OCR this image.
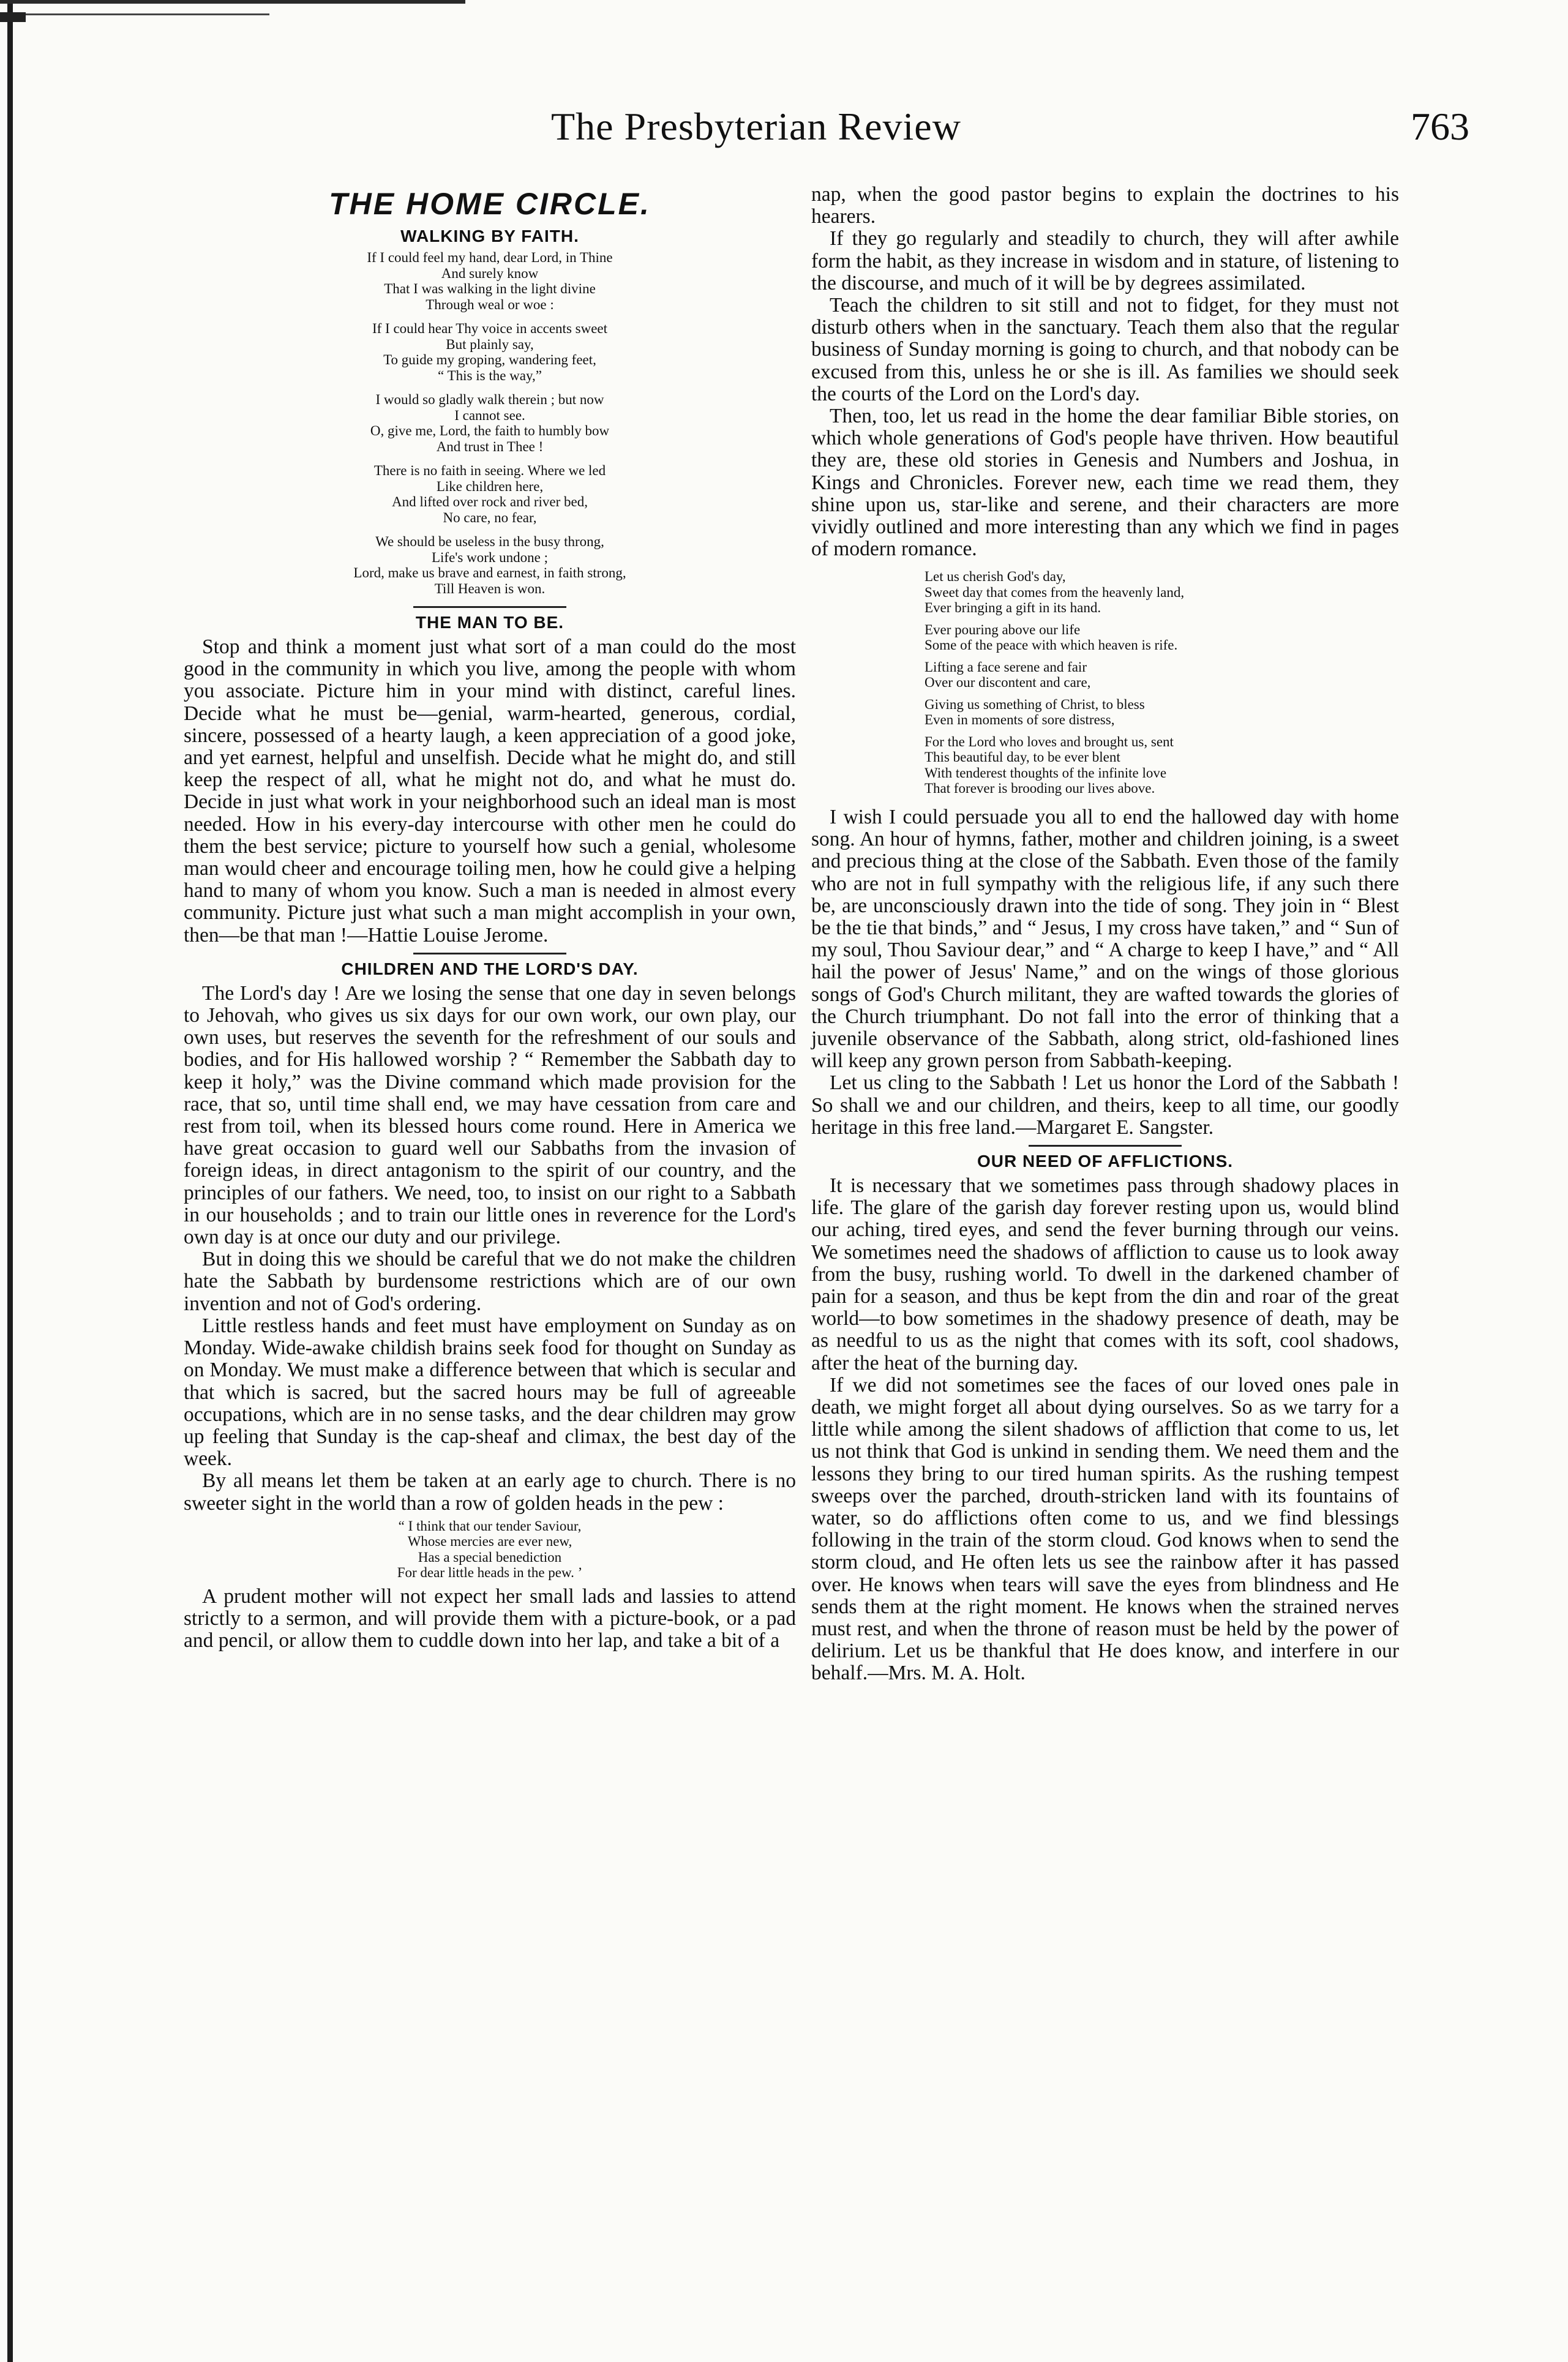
The Presbyterian Review	763
THE HOME CIRCLE.
WALKING BY FAITH.
If I could feel my hand, dear Lord, in Thine
And surely know
That I was walking in the light divine
Through weal or woe :
If I could hear Thy voice in accents sweet
But plainly say,
To guide my groping, wandering feet,
“ This is the way,”
I would so gladly walk therein ; but now
I cannot see.
O, give me, Lord, the faith to humbly bow
And trust in Thee !
There is no faith in seeing. Where we led
Like children here,
And lifted over rock and river bed,
No care, no fear,
We should be useless in the busy throng,
Life's work undone ;
Lord, make us brave and earnest, in faith strong,
Till Heaven is won.
THE MAN TO BE.

Stop and think a moment just what sort of a man could do the most good in the community in which you live, among the people with whom you associate. Picture him in your mind with distinct, careful lines. Decide what he must be—genial, warm-hearted, generous, cordial, sincere, possessed of a hearty laugh, a keen appreciation of a good joke, and yet earnest, helpful and unselfish. Decide what he might do, and still keep the respect of all, what he might not do, and what he must do. Decide in just what work in your neighborhood such an ideal man is most needed. How in his every-day intercourse with other men he could do them the best service; picture to yourself how such a genial, wholesome man would cheer and encourage toiling men, how he could give a helping hand to many of whom you know. Such a man is needed in almost every community. Picture just what such a man might accomplish in your own, then—be that man !—Hattie Louise Jerome.

CHILDREN AND THE LORD'S DAY.

The Lord's day ! Are we losing the sense that one day in seven belongs to Jehovah, who gives us six days for our own work, our own play, our own uses, but reserves the seventh for the refreshment of our souls and bodies, and for His hallowed worship ? “ Remember the Sabbath day to keep it holy,” was the Divine command which made provision for the race, that so, until time shall end, we may have cessation from care and rest from toil, when its blessed hours come round. Here in America we have great occasion to guard well our Sabbaths from the invasion of foreign ideas, in direct antagonism to the spirit of our country, and the principles of our fathers. We need, too, to insist on our right to a Sabbath in our households ; and to train our little ones in reverence for the Lord's own day is at once our duty and our privilege.

But in doing this we should be careful that we do not make the children hate the Sabbath by burdensome restrictions which are of our own invention and not of God's ordering.

Little restless hands and feet must have employment on Sunday as on Monday. Wide-awake childish brains seek food for thought on Sunday as on Monday. We must make a difference between that which is secular and that which is sacred, but the sacred hours may be full of agreeable occupations, which are in no sense tasks, and the dear children may grow up feeling that Sunday is the cap-sheaf and climax, the best day of the week.

By all means let them be taken at an early age to church. There is no sweeter sight in the world than a row of golden heads in the pew :

“ I think that our tender Saviour,
Whose mercies are ever new,
Has a special benediction
For dear little heads in the pew. ’

A prudent mother will not expect her small lads and lassies to attend strictly to a sermon, and will provide them with a picture-book, or a pad and pencil, or allow them to cuddle down into her lap, and take a bit of a

nap, when the good pastor begins to explain the doctrines to his hearers.

If they go regularly and steadily to church, they will after awhile form the habit, as they increase in wisdom and in stature, of listening to the discourse, and much of it will be by degrees assimilated.

Teach the children to sit still and not to fidget, for they must not disturb others when in the sanctuary. Teach them also that the regular business of Sunday morning is going to church, and that nobody can be excused from this, unless he or she is ill. As families we should seek the courts of the Lord on the Lord's day.

Then, too, let us read in the home the dear familiar Bible stories, on which whole generations of God's people have thriven. How beautiful they are, these old stories in Genesis and Numbers and Joshua, in Kings and Chronicles. Forever new, each time we read them, they shine upon us, star-like and serene, and their characters are more vividly outlined and more interesting than any which we find in pages of modern romance.

Let us cherish God's day,
Sweet day that comes from the heavenly land,
Ever bringing a gift in its hand.
Ever pouring above our life
Some of the peace with which heaven is rife.
Lifting a face serene and fair
Over our discontent and care,
Giving us something of Christ, to bless
Even in moments of sore distress,
For the Lord who loves and brought us, sent
This beautiful day, to be ever blent
With tenderest thoughts of the infinite love
That forever is brooding our lives above.

I wish I could persuade you all to end the hallowed day with home song. An hour of hymns, father, mother and children joining, is a sweet and precious thing at the close of the Sabbath. Even those of the family who are not in full sympathy with the religious life, if any such there be, are unconsciously drawn into the tide of song. They join in “ Blest be the tie that binds,” and “ Jesus, I my cross have taken,” and “ Sun of my soul, Thou Saviour dear,” and “ A charge to keep I have,” and “ All hail the power of Jesus' Name,” and on the wings of those glorious songs of God's Church militant, they are wafted towards the glories of the Church triumphant. Do not fall into the error of thinking that a juvenile observance of the Sabbath, along strict, old-fashioned lines will keep any grown person from Sabbath-keeping.

Let us cling to the Sabbath ! Let us honor the Lord of the Sabbath ! So shall we and our children, and theirs, keep to all time, our goodly heritage in this free land.—Margaret E. Sangster.

OUR NEED OF AFFLICTIONS.

It is necessary that we sometimes pass through shadowy places in life. The glare of the garish day forever resting upon us, would blind our aching, tired eyes, and send the fever burning through our veins. We sometimes need the shadows of affliction to cause us to look away from the busy, rushing world. To dwell in the darkened chamber of pain for a season, and thus be kept from the din and roar of the great world—to bow sometimes in the shadowy presence of death, may be as needful to us as the night that comes with its soft, cool shadows, after the heat of the burning day.

If we did not sometimes see the faces of our loved ones pale in death, we might forget all about dying ourselves. So as we tarry for a little while among the silent shadows of affliction that come to us, let us not think that God is unkind in sending them. We need them and the lessons they bring to our tired human spirits. As the rushing tempest sweeps over the parched, drouth-stricken land with its fountains of water, so do afflictions often come to us, and we find blessings following in the train of the storm cloud. God knows when to send the storm cloud, and He often lets us see the rainbow after it has passed over. He knows when tears will save the eyes from blindness and He sends them at the right moment. He knows when the strained nerves must rest, and when the throne of reason must be held by the power of delirium. Let us be thankful that He does know, and interfere in our behalf.—Mrs. M. A. Holt.
